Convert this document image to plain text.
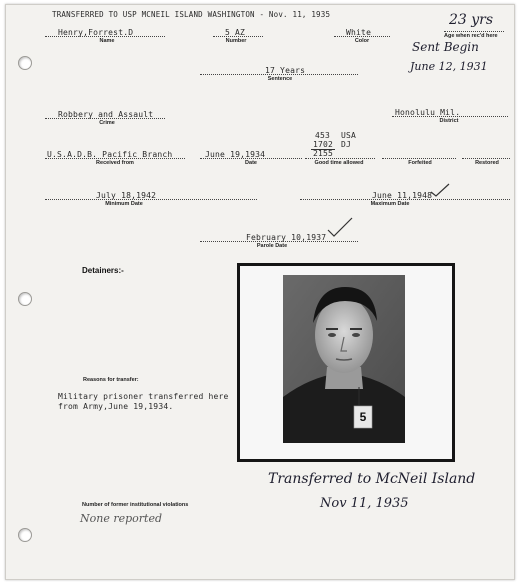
TRANSFERRED TO USP MCNEIL ISLAND WASHINGTON - Nov. 11, 1935	23 yrs
Henry,Forrest.D
Name
5 AZ
Number
White
Color
Age when rec'd here
Sent Begin
June 12, 1931
17 Years
Sentence
Robbery and Assault
Crime
Honolulu Mil.
District
U.S.A.D.B. Pacific Branch
Received from
June 19,1934
Date
453 USA
1702 DJ
2155
Good time allowed	Forfeited	Restored
July 18,1942
Minimum Date
June 11,1948
Maximum Date
February 10,1937
Parole Date
Detainers:-
5
Reasons for transfer:
Military prisoner transferred here
from Army,June 19,1934.
Transferred to McNeil Island
Nov 11, 1935
Number of former institutional violations
None reported
